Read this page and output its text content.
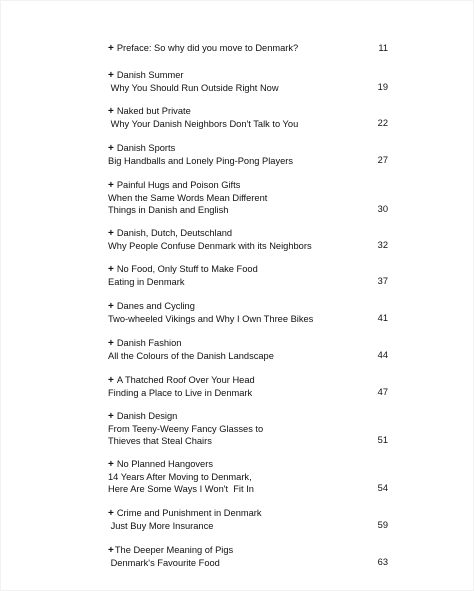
+ Preface: So why did you move to Denmark?	11
+ Danish Summer
Why You Should Run Outside Right Now	19
+ Naked but Private
Why Your Danish Neighbors Don't Talk to You	22
+ Danish Sports
Big Handballs and Lonely Ping-Pong Players	27
+ Painful Hugs and Poison Gifts
When the Same Words Mean Different
Things in Danish and English	30
+ Danish, Dutch, Deutschland
Why People Confuse Denmark with its Neighbors	32
+ No Food, Only Stuff to Make Food
Eating in Denmark	37
+ Danes and Cycling
Two-wheeled Vikings and Why I Own Three Bikes	41
+ Danish Fashion
All the Colours of the Danish Landscape	44
+ A Thatched Roof Over Your Head
Finding a Place to Live in Denmark	47
+ Danish Design
From Teeny-Weeny Fancy Glasses to
Thieves that Steal Chairs	51
+ No Planned Hangovers
14 Years After Moving to Denmark,
Here Are Some Ways I Won't  Fit In	54
+ Crime and Punishment in Denmark
Just Buy More Insurance	59
+The Deeper Meaning of Pigs
Denmark's Favourite Food	63
